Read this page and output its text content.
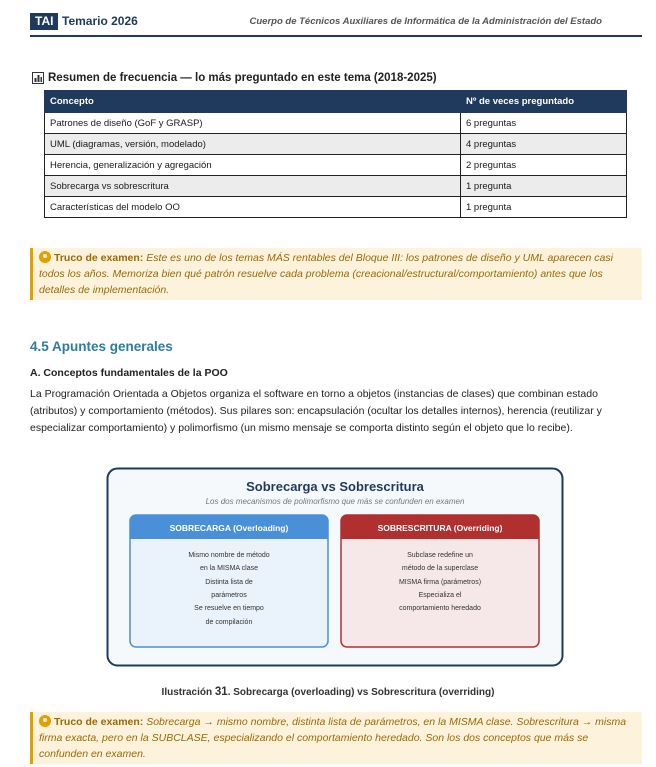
TAI Temario 2026	Cuerpo de Técnicos Auxiliares de Informática de la Administración del Estado
Resumen de frecuencia — lo más preguntado en este tema (2018-2025)
Concepto	Nº de veces preguntado
Patrones de diseño (GoF y GRASP)	6 preguntas
UML (diagramas, versión, modelado)	4 preguntas
Herencia, generalización y agregación	2 preguntas
Sobrecarga vs sobrescritura	1 pregunta
Características del modelo OO	1 pregunta
Truco de examen: Este es uno de los temas MÁS rentables del Bloque III: los patrones de diseño y UML aparecen casi todos los años. Memoriza bien qué patrón resuelve cada problema (creacional/estructural/comportamiento) antes que los detalles de implementación.
4.5 Apuntes generales
A. Conceptos fundamentales de la POO
La Programación Orientada a Objetos organiza el software en torno a objetos (instancias de clases) que combinan estado (atributos) y comportamiento (métodos). Sus pilares son: encapsulación (ocultar los detalles internos), herencia (reutilizar y especializar comportamiento) y polimorfismo (un mismo mensaje se comporta distinto según el objeto que lo recibe).
Sobrecarga vs Sobrescritura
Los dos mecanismos de polimorfismo que más se confunden en examen
SOBRECARGA (Overloading)
Mismo nombre de método
en la MISMA clase
Distinta lista de
parámetros
Se resuelve en tiempo
de compilación
SOBRESCRITURA (Overriding)
Subclase redefine un
método de la superclase
MISMA firma (parámetros)
Especializa el
comportamiento heredado
Ilustración 31. Sobrecarga (overloading) vs Sobrescritura (overriding)
Truco de examen: Sobrecarga → mismo nombre, distinta lista de parámetros, en la MISMA clase. Sobrescritura → misma firma exacta, pero en la SUBCLASE, especializando el comportamiento heredado. Son los dos conceptos que más se confunden en examen.
